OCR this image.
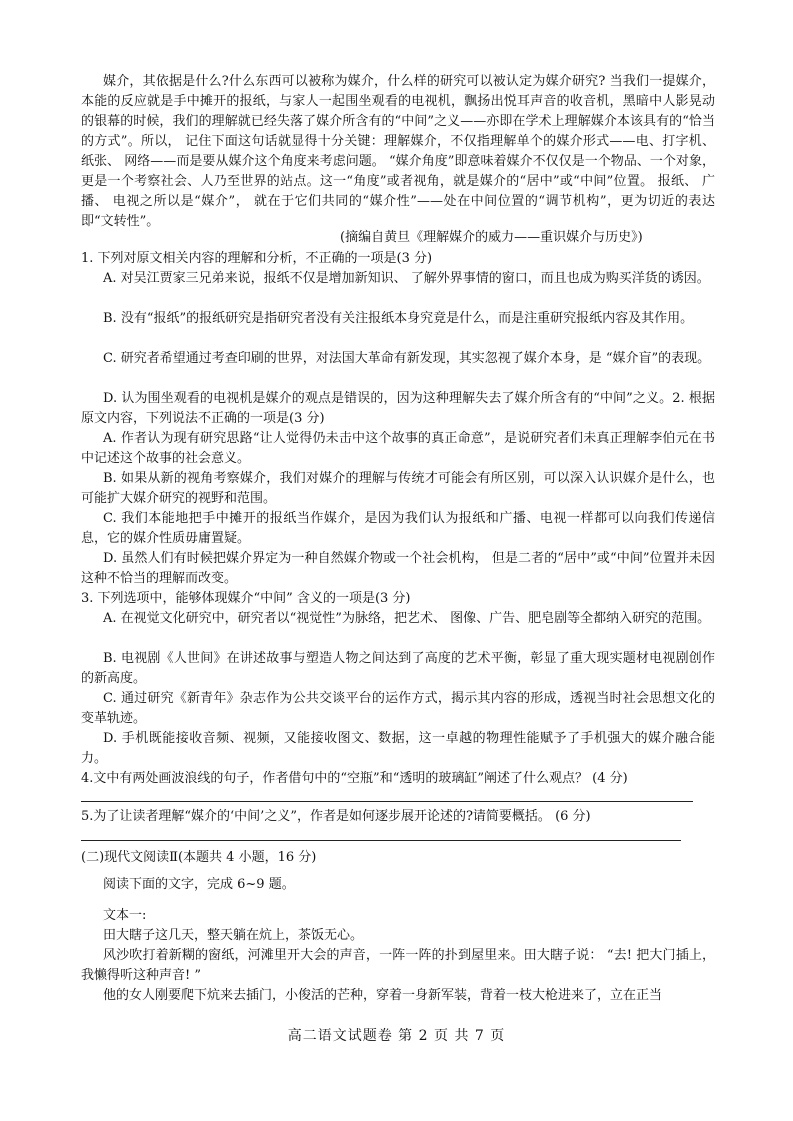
媒介，其依据是什么?什么东西可以被称为媒介，什么样的研究可以被认定为媒介研究? 当我们一提媒介，本能的反应就是手中摊开的报纸，与家人一起围坐观看的电视机，飘扬出悦耳声音的收音机，黑暗中人影晃动的银幕的时候，我们的理解就已经失落了媒介所含有的“中间”之义——亦即在学术上理解媒介本该具有的“恰当的方式”。所以， 记住下面这句话就显得十分关键：理解媒介，不仅指理解单个的媒介形式——电、打字机、纸张、 网络——而是要从媒介这个角度来考虑问题。 “媒介角度”即意味着媒介不仅仅是一个物品、一个对象， 更是一个考察社会、人乃至世界的站点。这一“角度”或者视角，就是媒介的“居中”或“中间”位置。 报纸、 广播、 电视之所以是“媒介”， 就在于它们共同的“媒介性”——处在中间位置的“调节机构”，更为切近的表达即“文转性”。
(摘编自黄旦《理解媒介的威力——重识媒介与历史》)
1. 下列对原文相关内容的理解和分析，不正确的一项是(3 分)
A. 对吴江贾家三兄弟来说，报纸不仅是增加新知识、 了解外界事情的窗口，而且也成为购买洋货的诱因。
B. 没有“报纸”的报纸研究是指研究者没有关注报纸本身究竟是什么，而是注重研究报纸内容及其作用。
C. 研究者希望通过考查印刷的世界，对法国大革命有新发现，其实忽视了媒介本身，是 “媒介盲”的表现。
D. 认为围坐观看的电视机是媒介的观点是错误的，因为这种理解失去了媒介所含有的“中间”之义。2. 根据原文内容，下列说法不正确的一项是(3 分)
A. 作者认为现有研究思路“让人觉得仍未击中这个故事的真正命意”，是说研究者们未真正理解李伯元在书中记述这个故事的社会意义。
B. 如果从新的视角考察媒介，我们对媒介的理解与传统才可能会有所区别，可以深入认识媒介是什么，也可能扩大媒介研究的视野和范围。
C. 我们本能地把手中摊开的报纸当作媒介，是因为我们认为报纸和广播、电视一样都可以向我们传递信息，它的媒介性质毋庸置疑。
D. 虽然人们有时候把媒介界定为一种自然媒介物或一个社会机构， 但是二者的“居中”或“中间”位置并未因这种不恰当的理解而改变。
3. 下列选项中，能够体现媒介“中间” 含义的一项是(3 分)
A. 在视觉文化研究中，研究者以“视觉性”为脉络，把艺术、 图像、广告、肥皂剧等全都纳入研究的范围。
B. 电视剧《人世间》在讲述故事与塑造人物之间达到了高度的艺术平衡，彰显了重大现实题材电视剧创作的新高度。
C. 通过研究《新青年》杂志作为公共交谈平台的运作方式，揭示其内容的形成，透视当时社会思想文化的变革轨迹。
D. 手机既能接收音频、视频，又能接收图文、数据，这一卓越的物理性能赋予了手机强大的媒介融合能力。
4.文中有两处画波浪线的句子，作者借句中的“空瓶”和“透明的玻璃缸”阐述了什么观点？ (4 分)
5.为了让读者理解“媒介的‘中间’之义”，作者是如何逐步展开论述的?请简要概括。 (6 分)
(二)现代文阅读Ⅱ(本题共 4 小题，16 分)
阅读下面的文字，完成 6~9 题。
文本一:
田大瞎子这几天，整天躺在炕上，茶饭无心。
风沙吹打着新糊的窗纸，河滩里开大会的声音，一阵一阵的扑到屋里来。田大瞎子说： “去! 把大门插上，我懒得听这种声音! ”
他的女人刚要爬下炕来去插门，小俊活的芒种，穿着一身新军装，背着一枝大枪进来了，立在正当
高二语文试题卷 第 2 页 共 7 页
